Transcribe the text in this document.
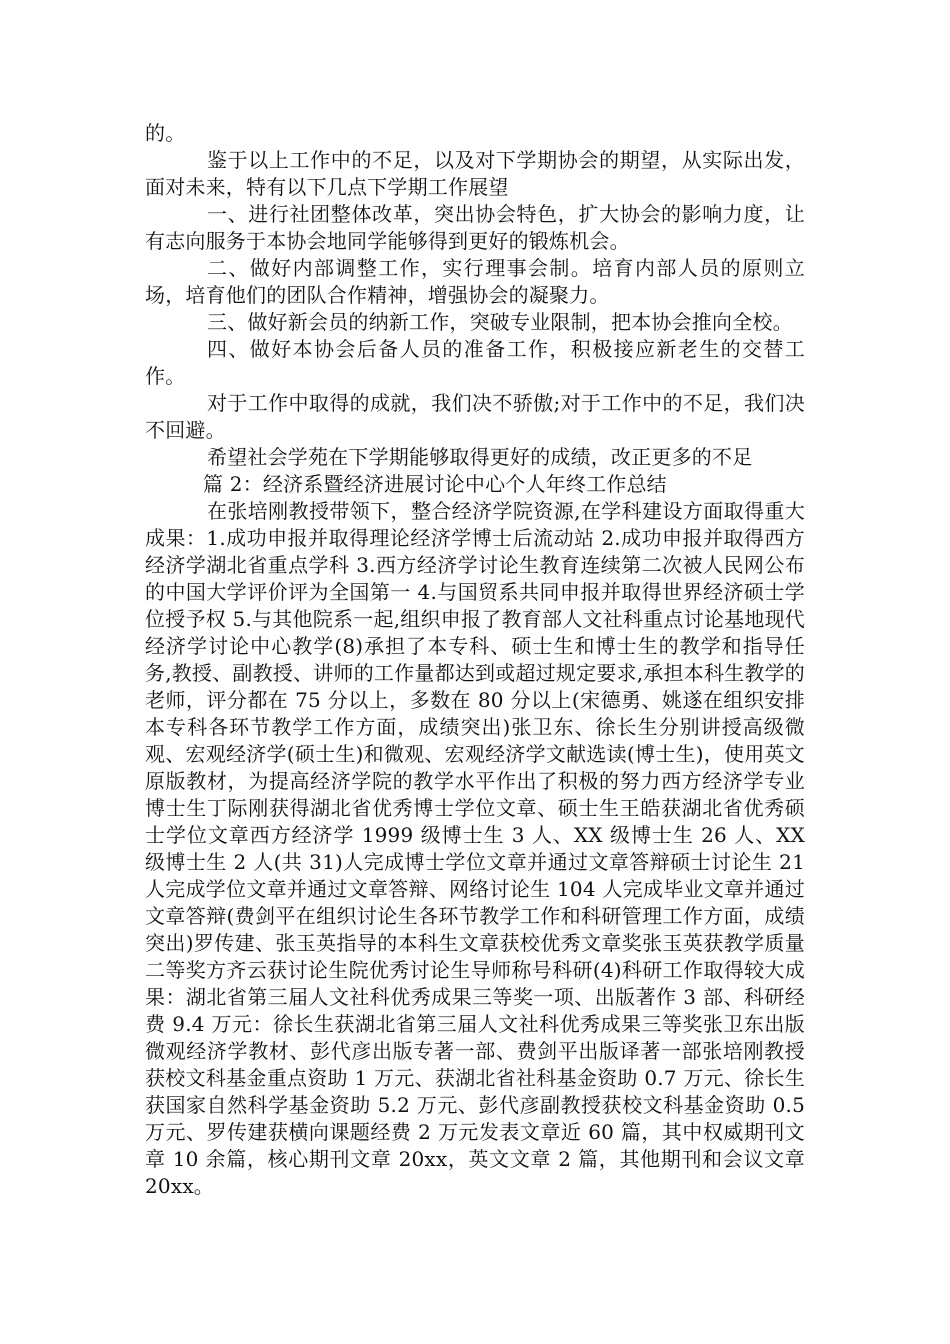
的。

鉴于以上工作中的不足，以及对下学期协会的期望，从实际出发，面对未来，特有以下几点下学期工作展望

一、进行社团整体改革，突出协会特色，扩大协会的影响力度，让有志向服务于本协会地同学能够得到更好的锻炼机会。

二、做好内部调整工作，实行理事会制。培育内部人员的原则立场，培育他们的团队合作精神，增强协会的凝聚力。

三、做好新会员的纳新工作，突破专业限制，把本协会推向全校。

四、做好本协会后备人员的准备工作，积极接应新老生的交替工作。

对于工作中取得的成就，我们决不骄傲;对于工作中的不足，我们决不回避。

希望社会学苑在下学期能够取得更好的成绩，改正更多的不足

篇 2：经济系暨经济进展讨论中心个人年终工作总结

在张培刚教授带领下，整合经济学院资源,在学科建设方面取得重大成果：1.成功申报并取得理论经济学博士后流动站 2.成功申报并取得西方经济学湖北省重点学科 3.西方经济学讨论生教育连续第二次被人民网公布的中国大学评价评为全国第一 4.与国贸系共同申报并取得世界经济硕士学位授予权 5.与其他院系一起,组织申报了教育部人文社科重点讨论基地现代经济学讨论中心教学(8)承担了本专科、硕士生和博士生的教学和指导任务,教授、副教授、讲师的工作量都达到或超过规定要求,承担本科生教学的老师，评分都在 75 分以上，多数在 80 分以上(宋德勇、姚遂在组织安排本专科各环节教学工作方面，成绩突出)张卫东、徐长生分别讲授高级微观、宏观经济学(硕士生)和微观、宏观经济学文献选读(博士生)，使用英文原版教材，为提高经济学院的教学水平作出了积极的努力西方经济学专业博士生丁际刚获得湖北省优秀博士学位文章、硕士生王皓获湖北省优秀硕士学位文章西方经济学 1999 级博士生 3 人、XX 级博士生 26 人、XX 级博士生 2 人(共 31)人完成博士学位文章并通过文章答辩硕士讨论生 21 人完成学位文章并通过文章答辩、网络讨论生 104 人完成毕业文章并通过文章答辩(费剑平在组织讨论生各环节教学工作和科研管理工作方面，成绩突出)罗传建、张玉英指导的本科生文章获校优秀文章奖张玉英获教学质量二等奖方齐云获讨论生院优秀讨论生导师称号科研(4)科研工作取得较大成果：湖北省第三届人文社科优秀成果三等奖一项、出版著作 3 部、科研经费 9.4 万元：徐长生获湖北省第三届人文社科优秀成果三等奖张卫东出版微观经济学教材、彭代彦出版专著一部、费剑平出版译著一部张培刚教授获校文科基金重点资助 1 万元、获湖北省社科基金资助 0.7 万元、徐长生获国家自然科学基金资助 5.2 万元、彭代彦副教授获校文科基金资助 0.5 万元、罗传建获横向课题经费 2 万元发表文章近 60 篇，其中权威期刊文章 10 余篇，核心期刊文章 20xx，英文文章 2 篇，其他期刊和会议文章 20xx。
